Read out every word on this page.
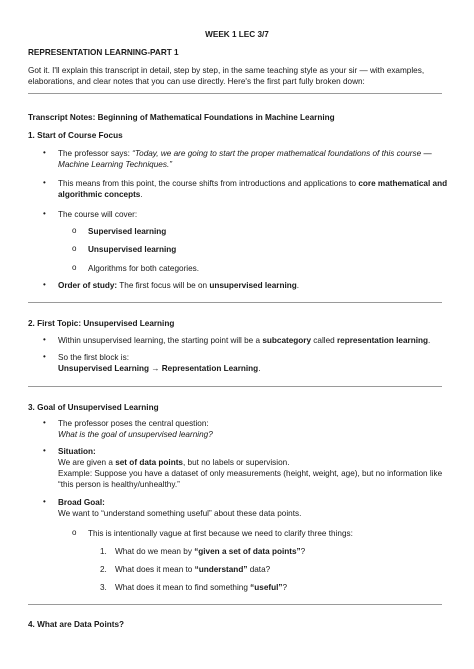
WEEK 1 LEC 3/7
REPRESENTATION LEARNING-PART 1

Got it. I'll explain this transcript in detail, step by step, in the same teaching style as your sir — with examples,

elaborations, and clear notes that you can use directly. Here's the first part fully broken down:

Transcript Notes: Beginning of Mathematical Foundations in Machine Learning
1. Start of Course Focus
• The professor says: “Today, we are going to start the proper mathematical foundations of this course —

Machine Learning Techniques.”

• This means from this point, the course shifts from introductions and applications to core mathematical and

algorithmic concepts.

• The course will cover:
o Supervised learning
o Unsupervised learning
o Algorithms for both categories.
• Order of study: The first focus will be on unsupervised learning.
2. First Topic: Unsupervised Learning
• Within unsupervised learning, the starting point will be a subcategory called representation learning.
• So the first block is:

Unsupervised Learning → Representation Learning.

3. Goal of Unsupervised Learning
• The professor poses the central question:

What is the goal of unsupervised learning?

• Situation:

We are given a set of data points, but no labels or supervision.

Example: Suppose you have a dataset of only measurements (height, weight, age), but no information like

“this person is healthy/unhealthy.”

• Broad Goal:

We want to “understand something useful” about these data points.

o This is intentionally vague at first because we need to clarify three things:
1. What do we mean by “given a set of data points”?
2. What does it mean to “understand” data?
3. What does it mean to find something “useful”?
4. What are Data Points?
